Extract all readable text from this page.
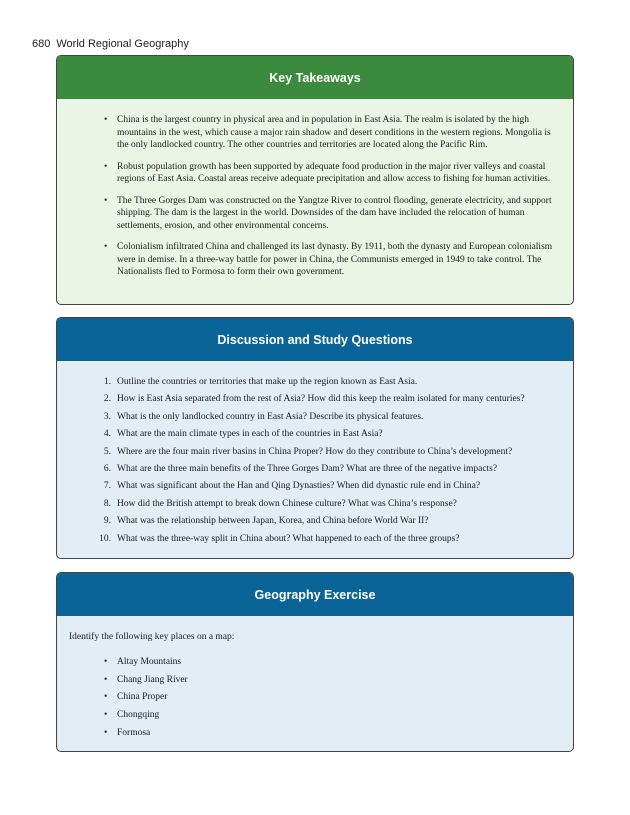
680 World Regional Geography
Key Takeaways
• China is the largest country in physical area and in population in East Asia. The realm is isolated by the high mountains in the west, which cause a major rain shadow and desert conditions in the western regions. Mongolia is the only landlocked country. The other countries and territories are located along the Pacific Rim.
• Robust population growth has been supported by adequate food production in the major river valleys and coastal regions of East Asia. Coastal areas receive adequate precipitation and allow access to fishing for human activities.
• The Three Gorges Dam was constructed on the Yangtze River to control flooding, generate electricity, and support shipping. The dam is the largest in the world. Downsides of the dam have included the relocation of human settlements, erosion, and other environmental concerns.
• Colonialism infiltrated China and challenged its last dynasty. By 1911, both the dynasty and European colonialism were in demise. In a three-way battle for power in China, the Communists emerged in 1949 to take control. The Nationalists fled to Formosa to form their own government.
Discussion and Study Questions
1. Outline the countries or territories that make up the region known as East Asia.
2. How is East Asia separated from the rest of Asia? How did this keep the realm isolated for many centuries?
3. What is the only landlocked country in East Asia? Describe its physical features.
4. What are the main climate types in each of the countries in East Asia?
5. Where are the four main river basins in China Proper? How do they contribute to China’s development?
6. What are the three main benefits of the Three Gorges Dam? What are three of the negative impacts?
7. What was significant about the Han and Qing Dynasties? When did dynastic rule end in China?
8. How did the British attempt to break down Chinese culture? What was China’s response?
9. What was the relationship between Japan, Korea, and China before World War II?
10. What was the three-way split in China about? What happened to each of the three groups?
Geography Exercise

Identify the following key places on a map:

• Altay Mountains
• Chang Jiang River
• China Proper
• Chongqing
• Formosa
